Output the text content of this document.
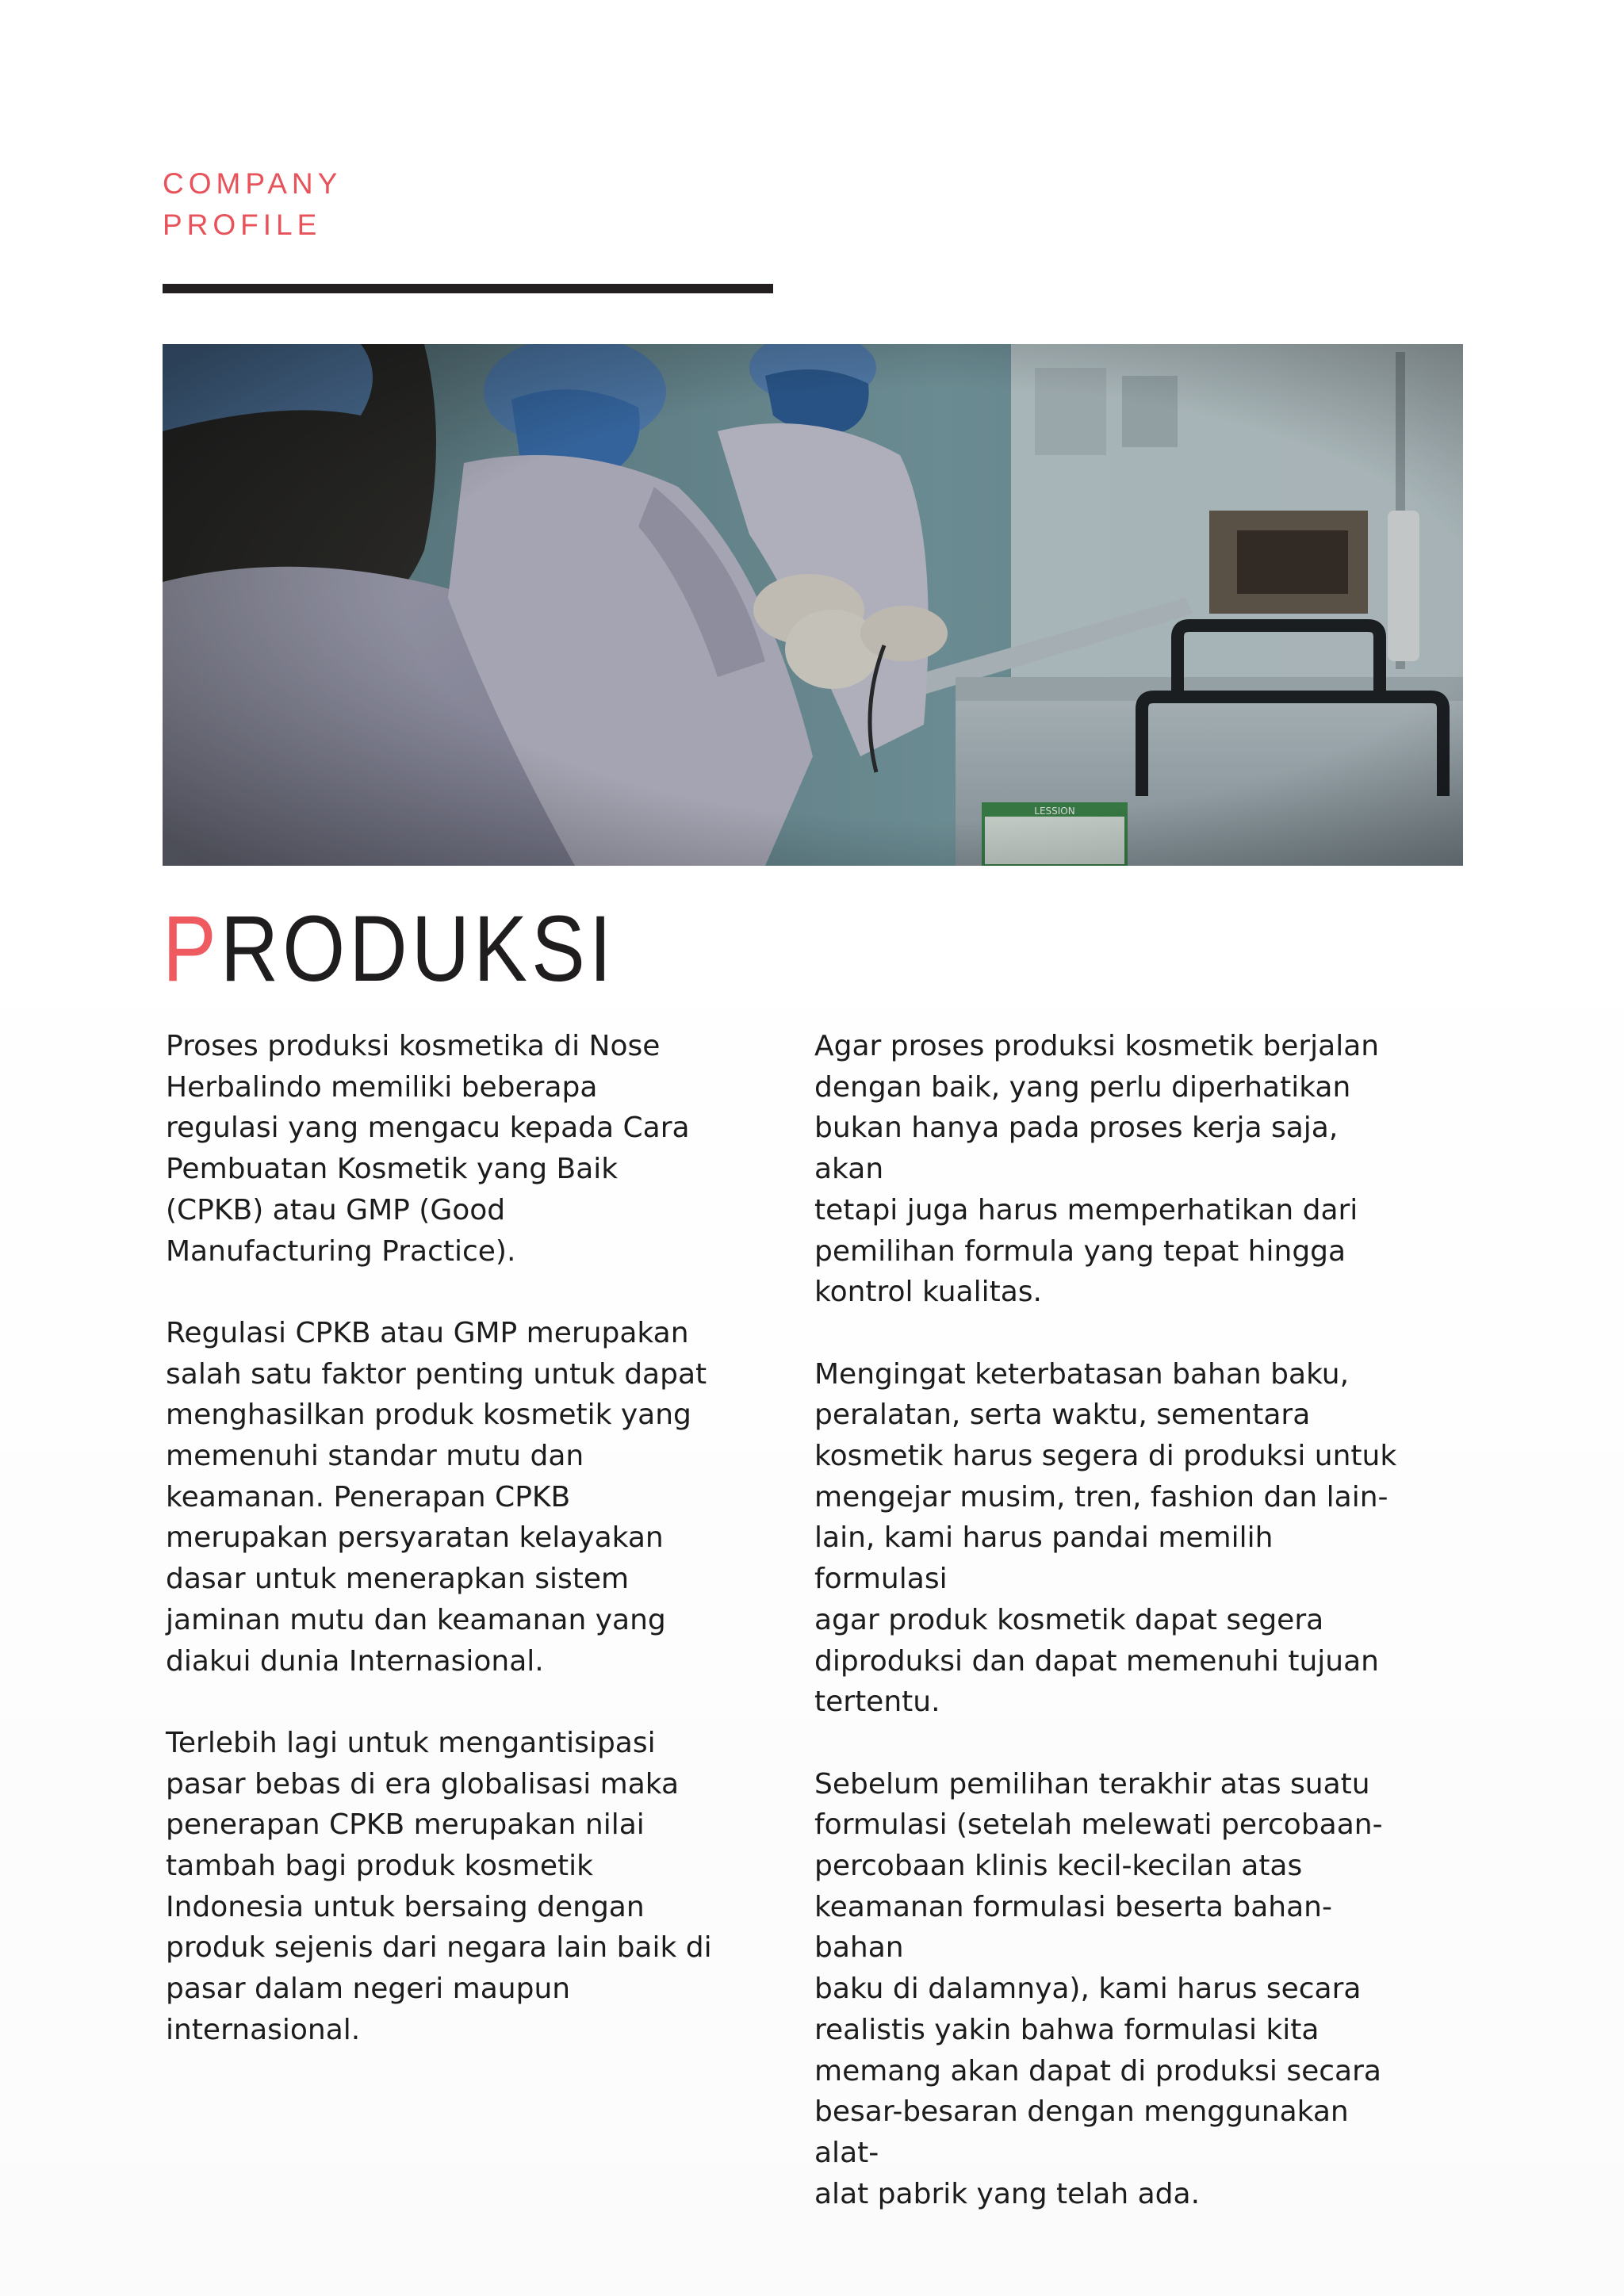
COMPANY
PROFILE
PRODUKSI

Proses produksi kosmetika di Nose
Herbalindo memiliki beberapa
regulasi yang mengacu kepada Cara
Pembuatan Kosmetik yang Baik
(CPKB) atau GMP (Good
Manufacturing Practice).

Regulasi CPKB atau GMP merupakan
salah satu faktor penting untuk dapat
menghasilkan produk kosmetik yang
memenuhi standar mutu dan
keamanan. Penerapan CPKB
merupakan persyaratan kelayakan
dasar untuk menerapkan sistem
jaminan mutu dan keamanan yang
diakui dunia Internasional.

Terlebih lagi untuk mengantisipasi
pasar bebas di era globalisasi maka
penerapan CPKB merupakan nilai
tambah bagi produk kosmetik
Indonesia untuk bersaing dengan
produk sejenis dari negara lain baik di
pasar dalam negeri maupun
internasional.

Agar proses produksi kosmetik berjalan
dengan baik, yang perlu diperhatikan
bukan hanya pada proses kerja saja, akan
tetapi juga harus memperhatikan dari
pemilihan formula yang tepat hingga
kontrol kualitas.

Mengingat keterbatasan bahan baku,
peralatan, serta waktu, sementara
kosmetik harus segera di produksi untuk
mengejar musim, tren, fashion dan lain-
lain, kami harus pandai memilih formulasi
agar produk kosmetik dapat segera
diproduksi dan dapat memenuhi tujuan
tertentu.

Sebelum pemilihan terakhir atas suatu
formulasi (setelah melewati percobaan-
percobaan klinis kecil-kecilan atas
keamanan formulasi beserta bahan-bahan
baku di dalamnya), kami harus secara
realistis yakin bahwa formulasi kita
memang akan dapat di produksi secara
besar-besaran dengan menggunakan alat-
alat pabrik yang telah ada.
